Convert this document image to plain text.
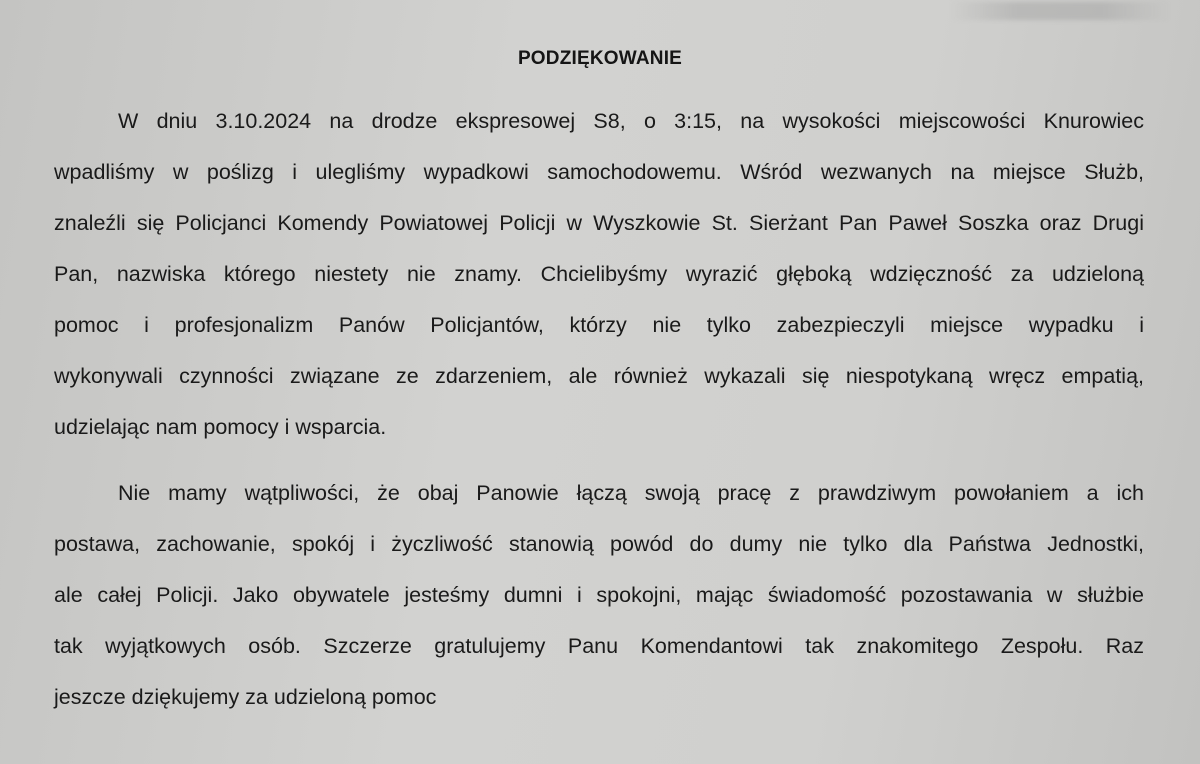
PODZIĘKOWANIE

W dniu 3.10.2024 na drodze ekspresowej S8, o 3:15, na wysokości miejscowości Knurowiec
wpadliśmy w poślizg i ulegliśmy wypadkowi samochodowemu. Wśród wezwanych na miejsce Służb,
znaleźli się Policjanci Komendy Powiatowej Policji w Wyszkowie St. Sierżant Pan Paweł Soszka oraz Drugi
Pan, nazwiska którego niestety nie znamy. Chcielibyśmy wyrazić głęboką wdzięczność za udzieloną
pomoc i profesjonalizm Panów Policjantów, którzy nie tylko zabezpieczyli miejsce wypadku i
wykonywali czynności związane ze zdarzeniem, ale również wykazali się niespotykaną wręcz empatią,
udzielając nam pomocy i wsparcia.

Nie mamy wątpliwości, że obaj Panowie łączą swoją pracę z prawdziwym powołaniem a ich
postawa, zachowanie, spokój i życzliwość stanowią powód do dumy nie tylko dla Państwa Jednostki,
ale całej Policji. Jako obywatele jesteśmy dumni i spokojni, mając świadomość pozostawania w służbie
tak wyjątkowych osób. Szczerze gratulujemy Panu Komendantowi tak znakomitego Zespołu. Raz
jeszcze dziękujemy za udzieloną pomoc
